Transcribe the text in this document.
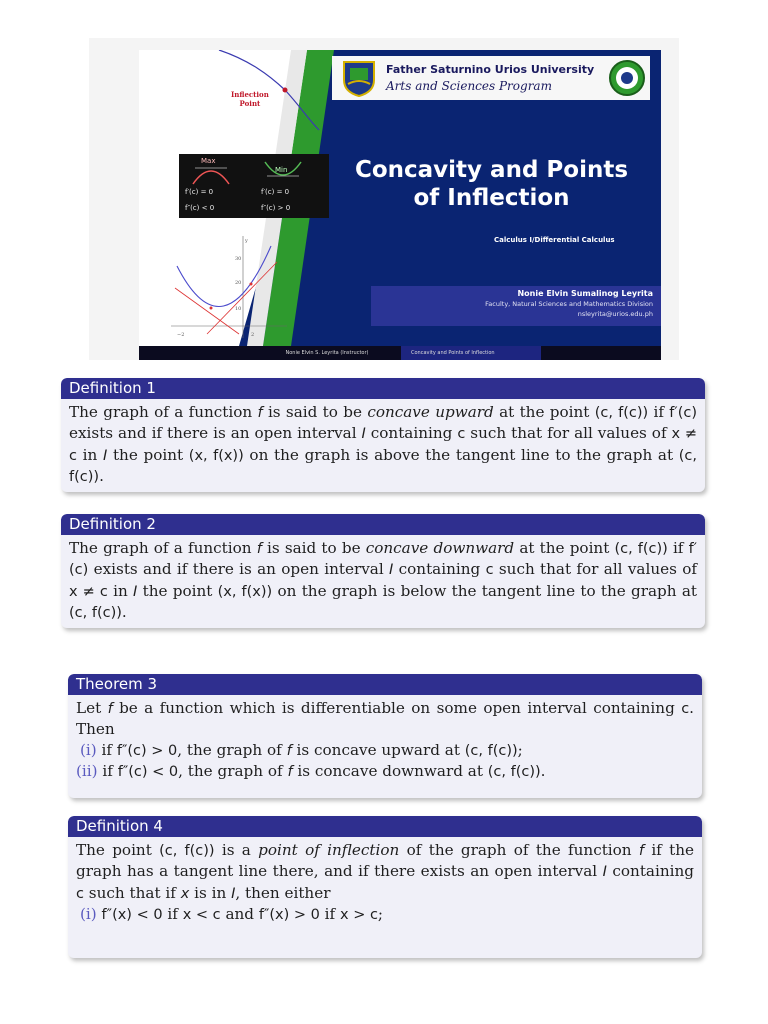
Inflection
Point
Max
Min
f′(c) = 0	f′(c) = 0
f″(c) < 0	f″(c) > 0
30
20
10
−2	2
y
Father Saturnino Urios University
Arts and Sciences Program
Concavity and Points
of Inflection
Calculus I/Differential Calculus
Nonie Elvin Sumalinog Leyrita
Faculty, Natural Sciences and Mathematics Division
nsleyrita@urios.edu.ph
Nonie Elvin S. Leyrita (Instructor)	Concavity and Points of Inflection
Definition 1

The graph of a function f is said to be concave upward at the point (c, f(c)) if f′(c) exists and if there is an open interval I containing c such that for all values of x ≠ c in I the point (x, f(x)) on the graph is above the tangent line to the graph at (c, f(c)).

Definition 2

The graph of a function f is said to be concave downward at the point (c, f(c)) if f′(c) exists and if there is an open interval I containing c such that for all values of x ≠ c in I the point (x, f(x)) on the graph is below the tangent line to the graph at (c, f(c)).

Theorem 3

Let f be a function which is differentiable on some open interval containing c. Then

(i) if f″(c) > 0, the graph of f is concave upward at (c, f(c));

(ii) if f″(c) < 0, the graph of f is concave downward at (c, f(c)).

Definition 4

The point (c, f(c)) is a point of inflection of the graph of the function f if the graph has a tangent line there, and if there exists an open interval I containing c such that if x is in I, then either

(i) f″(x) < 0 if x < c and f″(x) > 0 if x > c;
